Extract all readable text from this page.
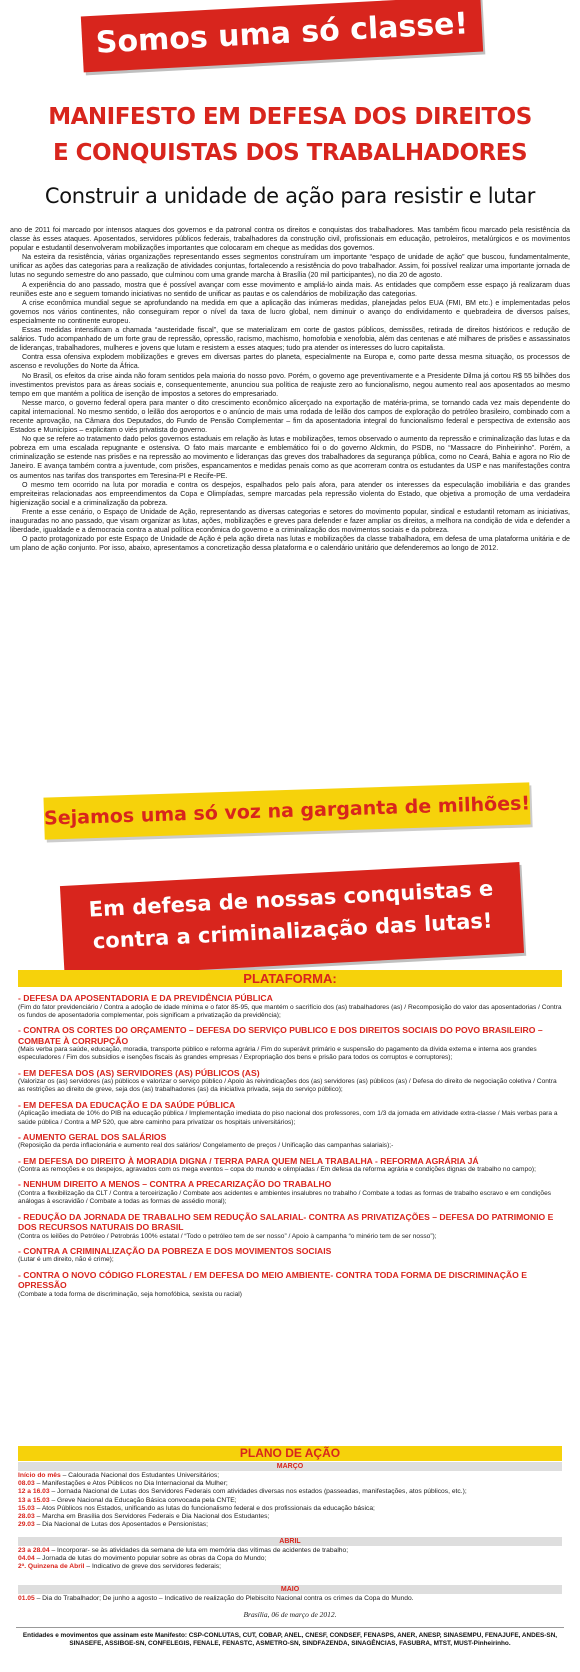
Somos uma só classe!
MANIFESTO EM DEFESA DOS DIREITOS
E CONQUISTAS DOS TRABALHADORES
Construir a unidade de ação para resistir e lutar

ano de 2011 foi marcado por intensos ataques dos governos e da patronal contra os direitos e conquistas dos trabalhadores. Mas também ficou marcado pela resistência da classe às esses ataques. Aposentados, servidores públicos federais, trabalhadores da construção civil, profissionais em educação, petroleiros, metalúrgicos e os movimentos popular e estudantil desenvolveram mobilizações importantes que colocaram em cheque as medidas dos governos.

Na esteira da resistência, várias organizações representando esses segmentos construíram um importante “espaço de unidade de ação” que buscou, fundamentalmente, unificar as ações das categorias para a realização de atividades conjuntas, fortalecendo a resistência do povo trabalhador. Assim, foi possível realizar uma importante jornada de lutas no segundo semestre do ano passado, que culminou com uma grande marcha à Brasília (20 mil participantes), no dia 20 de agosto.

A experiência do ano passado, mostra que é possível avançar com esse movimento e ampliá-lo ainda mais. As entidades que compõem esse espaço já realizaram duas reuniões este ano e seguem tomando iniciativas no sentido de unificar as pautas e os calendários de mobilização das categorias.

A crise econômica mundial segue se aprofundando na medida em que a aplicação das inúmeras medidas, planejadas pelos EUA (FMI, BM etc.) e implementadas pelos governos nos vários continentes, não conseguiram repor o nível da taxa de lucro global, nem diminuir o avanço do endividamento e quebradeira de diversos países, especialmente no continente europeu.

Essas medidas intensificam a chamada “austeridade fiscal”, que se materializam em corte de gastos públicos, demissões, retirada de direitos históricos e redução de salários. Tudo acompanhado de um forte grau de repressão, opressão, racismo, machismo, homofobia e xenofobia, além das centenas e até milhares de prisões e assassinatos de lideranças, trabalhadores, mulheres e jovens que lutam e resistem a esses ataques; tudo pra atender os interesses do lucro capitalista.

Contra essa ofensiva explodem mobilizações e greves em diversas partes do planeta, especialmente na Europa e, como parte dessa mesma situação, os processos de ascenso e revoluções do Norte da África.

No Brasil, os efeitos da crise ainda não foram sentidos pela maioria do nosso povo. Porém, o governo age preventivamente e a Presidente Dilma já cortou R$ 55 bilhões dos investimentos previstos para as áreas sociais e, consequentemente, anunciou sua política de reajuste zero ao funcionalismo, negou aumento real aos aposentados ao mesmo tempo em que mantém a política de isenção de impostos a setores do empresariado.

Nesse marco, o governo federal opera para manter o dito crescimento econômico alicerçado na exportação de matéria-prima, se tornando cada vez mais dependente do capital internacional. No mesmo sentido, o leilão dos aeroportos e o anúncio de mais uma rodada de leilão dos campos de exploração do petróleo brasileiro, combinado com a recente aprovação, na Câmara dos Deputados, do Fundo de Pensão Complementar – fim da aposentadoria integral do funcionalismo federal e perspectiva de extensão aos Estados e Municípios – explicitam o viés privatista do governo.

No que se refere ao tratamento dado pelos governos estaduais em relação às lutas e mobilizações, temos observado o aumento da repressão e criminalização das lutas e da pobreza em uma escalada repugnante e ostensiva. O fato mais marcante e emblemático foi o do governo Alckmin, do PSDB, no “Massacre do Pinheirinho”. Porém, a criminalização se estende nas prisões e na repressão ao movimento e lideranças das greves dos trabalhadores da segurança pública, como no Ceará, Bahia e agora no Rio de Janeiro. E avança também contra a juventude, com prisões, espancamentos e medidas penais como as que acorreram contra os estudantes da USP e nas manifestações contra os aumentos nas tarifas dos transportes em Teresina-PI e Recife-PE.

O mesmo tem ocorrido na luta por moradia e contra os despejos, espalhados pelo país afora, para atender os interesses da especulação imobiliária e das grandes empreiteiras relacionadas aos empreendimentos da Copa e Olimpíadas, sempre marcadas pela repressão violenta do Estado, que objetiva a promoção de uma verdadeira higienização social e a criminalização da pobreza.

Frente a esse cenário, o Espaço de Unidade de Ação, representando as diversas categorias e setores do movimento popular, sindical e estudantil retomam as iniciativas, inauguradas no ano passado, que visam organizar as lutas, ações, mobilizações e greves para defender e fazer ampliar os direitos, a melhora na condição de vida e defender a liberdade, igualdade e a democracia contra a atual política econômica do governo e a criminalização dos movimentos sociais e da pobreza.

O pacto protagonizado por este Espaço de Unidade de Ação é pela ação direta nas lutas e mobilizações da classe trabalhadora, em defesa de uma plataforma unitária e de um plano de ação conjunto. Por isso, abaixo, apresentamos a concretização dessa plataforma e o calendário unitário que defenderemos ao longo de 2012.

Sejamos uma só voz na garganta de milhões!
Em defesa de nossas conquistas e contra a criminalização das lutas!
PLATAFORMA:
- DEFESA DA APOSENTADORIA E DA PREVIDÊNCIA PÚBLICA

(Fim do fator previdenciário / Contra a adoção de idade mínima e o fator 85-95, que mantém o sacrifício dos (as) trabalhadores (as) / Recomposição do valor das aposentadorias / Contra os fundos de aposentadoria complementar, pois significam a privatização da previdência);

- CONTRA OS CORTES DO ORÇAMENTO – DEFESA DO SERVIÇO PUBLICO E DOS DIREITOS SOCIAIS DO POVO BRASILEIRO – COMBATE À CORRUPÇÃO

(Mais verba para saúde, educação, moradia, transporte público e reforma agrária / Fim do superávit primário e suspensão do pagamento da dívida externa e interna aos grandes especuladores / Fim dos subsídios e isenções fiscais às grandes empresas / Expropriação dos bens e prisão para todos os corruptos e corruptores);

- EM DEFESA DOS (AS) SERVIDORES (AS) PÚBLICOS (AS)

(Valorizar os (as) servidores (as) públicos e valorizar o serviço público / Apoio às reivindicações dos (as) servidores (as) públicos (as) / Defesa do direito de negociação coletiva / Contra as restrições ao direito de greve, seja dos (as) trabalhadores (as) da iniciativa privada, seja do serviço público);

- EM DEFESA DA EDUCAÇÃO E DA SAÚDE PÚBLICA

(Aplicação imediata de 10% do PIB na educação pública / Implementação imediata do piso nacional dos professores, com 1/3 da jornada em atividade extra-classe / Mais verbas para a saúde pública / Contra a MP 520, que abre caminho para privatizar os hospitais universitários);

- AUMENTO GERAL DOS SALÁRIOS

(Reposição da perda inflacionária e aumento real dos salários/ Congelamento de preços / Unificação das campanhas salariais);-

- EM DEFESA DO DIREITO À MORADIA DIGNA / TERRA PARA QUEM NELA TRABALHA - REFORMA AGRÁRIA JÁ

(Contra as remoções e os despejos, agravados com os mega eventos – copa do mundo e olimpíadas / Em defesa da reforma agrária e condições dignas de trabalho no campo);

- NENHUM DIREITO A MENOS – CONTRA A PRECARIZAÇÃO DO TRABALHO

(Contra a flexibilização da CLT / Contra a terceirização / Combate aos acidentes e ambientes insalubres no trabalho / Combate a todas as formas de trabalho escravo e em condições análogas à escravidão / Combate a todas as formas de assédio moral);

- REDUÇÃO DA JORNADA DE TRABALHO SEM REDUÇÃO SALARIAL- CONTRA AS PRIVATIZAÇÕES – DEFESA DO PATRIMONIO E DOS RECURSOS NATURAIS DO BRASIL

(Contra os leilões do Petróleo / Petrobrás 100% estatal / “Todo o petróleo tem de ser nosso” / Apoio à campanha “o minério tem de ser nosso”);

- CONTRA A CRIMINALIZAÇÃO DA POBREZA E DOS MOVIMENTOS SOCIAIS

(Lutar é um direito, não é crime);

- CONTRA O NOVO CÓDIGO FLORESTAL / EM DEFESA DO MEIO AMBIENTE- CONTRA TODA FORMA DE DISCRIMINAÇÃO E OPRESSÃO

(Combate a toda forma de discriminação, seja homofóbica, sexista ou racial)

PLANO DE AÇÃO
MARÇO
Início do mês – Calourada Nacional dos Estudantes Universitários;
08.03 – Manifestações e Atos Públicos no Dia Internacional da Mulher;
12 a 16.03 – Jornada Nacional de Lutas dos Servidores Federais com atividades diversas nos estados (passeadas, manifestações, atos públicos, etc.);
13 a 15.03 – Greve Nacional da Educação Básica convocada pela CNTE;
15.03 – Atos Públicos nos Estados, unificando as lutas do funcionalismo federal e dos profissionais da educação básica;
28.03 – Marcha em Brasília dos Servidores Federais e Dia Nacional dos Estudantes;
29.03 – Dia Nacional de Lutas dos Aposentados e Pensionistas;
ABRIL
23 a 28.04 – Incorporar- se às atividades da semana de luta em memória das vítimas de acidentes de trabalho;
04.04 – Jornada de lutas do movimento popular sobre as obras da Copa do Mundo;
2ª. Quinzena de Abril – Indicativo de greve dos servidores federais;
MAIO
01.05 – Dia do Trabalhador; De junho a agosto – Indicativo de realização do Plebiscito Nacional contra os crimes da Copa do Mundo.
Brasília, 06 de março de 2012.
Entidades e movimentos que assinam este Manifesto: CSP-CONLUTAS, CUT, COBAP, ANEL, CNESF, CONDSEF, FENASPS, ANER, ANESP, SINASEMPU, FENAJUFE, ANDES-SN, SINASEFE, ASSIBGE-SN, CONFELEGIS, FENALE, FENASTC, ASMETRO-SN, SINDFAZENDA, SINAGÊNCIAS, FASUBRA, MTST, MUST-Pinheirinho.
